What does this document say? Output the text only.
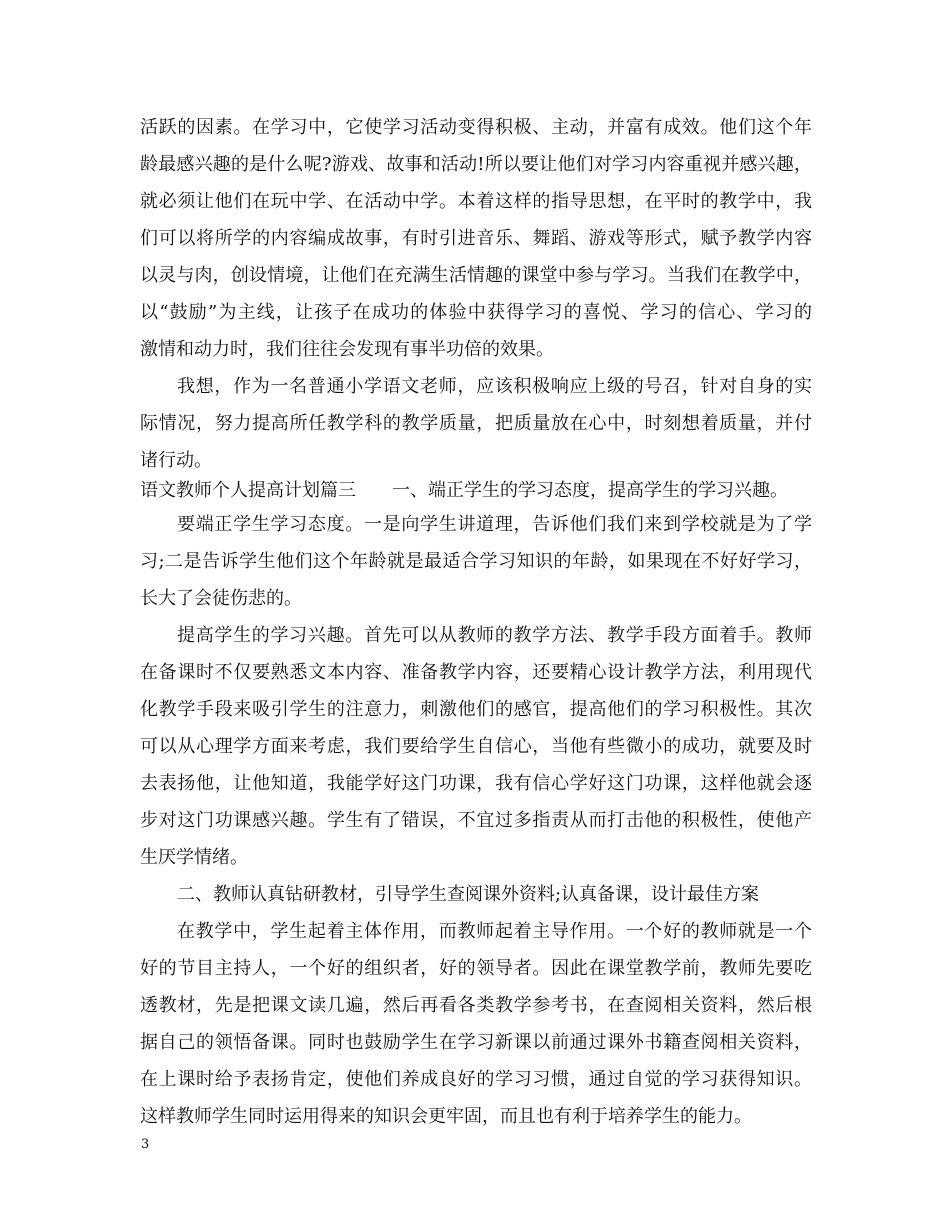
活跃的因素。在学习中，它使学习活动变得积极、主动，并富有成效。他们这个年
龄最感兴趣的是什么呢?游戏、故事和活动!所以要让他们对学习内容重视并感兴趣，
就必须让他们在玩中学、在活动中学。本着这样的指导思想，在平时的教学中，我
们可以将所学的内容编成故事，有时引进音乐、舞蹈、游戏等形式，赋予教学内容
以灵与肉，创设情境，让他们在充满生活情趣的课堂中参与学习。当我们在教学中，
以“鼓励”为主线，让孩子在成功的体验中获得学习的喜悦、学习的信心、学习的
激情和动力时，我们往往会发现有事半功倍的效果。
我想，作为一名普通小学语文老师，应该积极响应上级的号召，针对自身的实
际情况，努力提高所任教学科的教学质量，把质量放在心中，时刻想着质量，并付
诸行动。
语文教师个人提高计划篇三　　一、端正学生的学习态度，提高学生的学习兴趣。
要端正学生学习态度。一是向学生讲道理，告诉他们我们来到学校就是为了学
习;二是告诉学生他们这个年龄就是最适合学习知识的年龄，如果现在不好好学习，
长大了会徒伤悲的。
提高学生的学习兴趣。首先可以从教师的教学方法、教学手段方面着手。教师
在备课时不仅要熟悉文本内容、准备教学内容，还要精心设计教学方法，利用现代
化教学手段来吸引学生的注意力，刺激他们的感官，提高他们的学习积极性。其次
可以从心理学方面来考虑，我们要给学生自信心，当他有些微小的成功，就要及时
去表扬他，让他知道，我能学好这门功课，我有信心学好这门功课，这样他就会逐
步对这门功课感兴趣。学生有了错误，不宜过多指责从而打击他的积极性，使他产
生厌学情绪。
二、教师认真钻研教材，引导学生查阅课外资料;认真备课，设计最佳方案
在教学中，学生起着主体作用，而教师起着主导作用。一个好的教师就是一个
好的节目主持人，一个好的组织者，好的领导者。因此在课堂教学前，教师先要吃
透教材，先是把课文读几遍，然后再看各类教学参考书，在查阅相关资料，然后根
据自己的领悟备课。同时也鼓励学生在学习新课以前通过课外书籍查阅相关资料，
在上课时给予表扬肯定，使他们养成良好的学习习惯，通过自觉的学习获得知识。
这样教师学生同时运用得来的知识会更牢固，而且也有利于培养学生的能力。
3
